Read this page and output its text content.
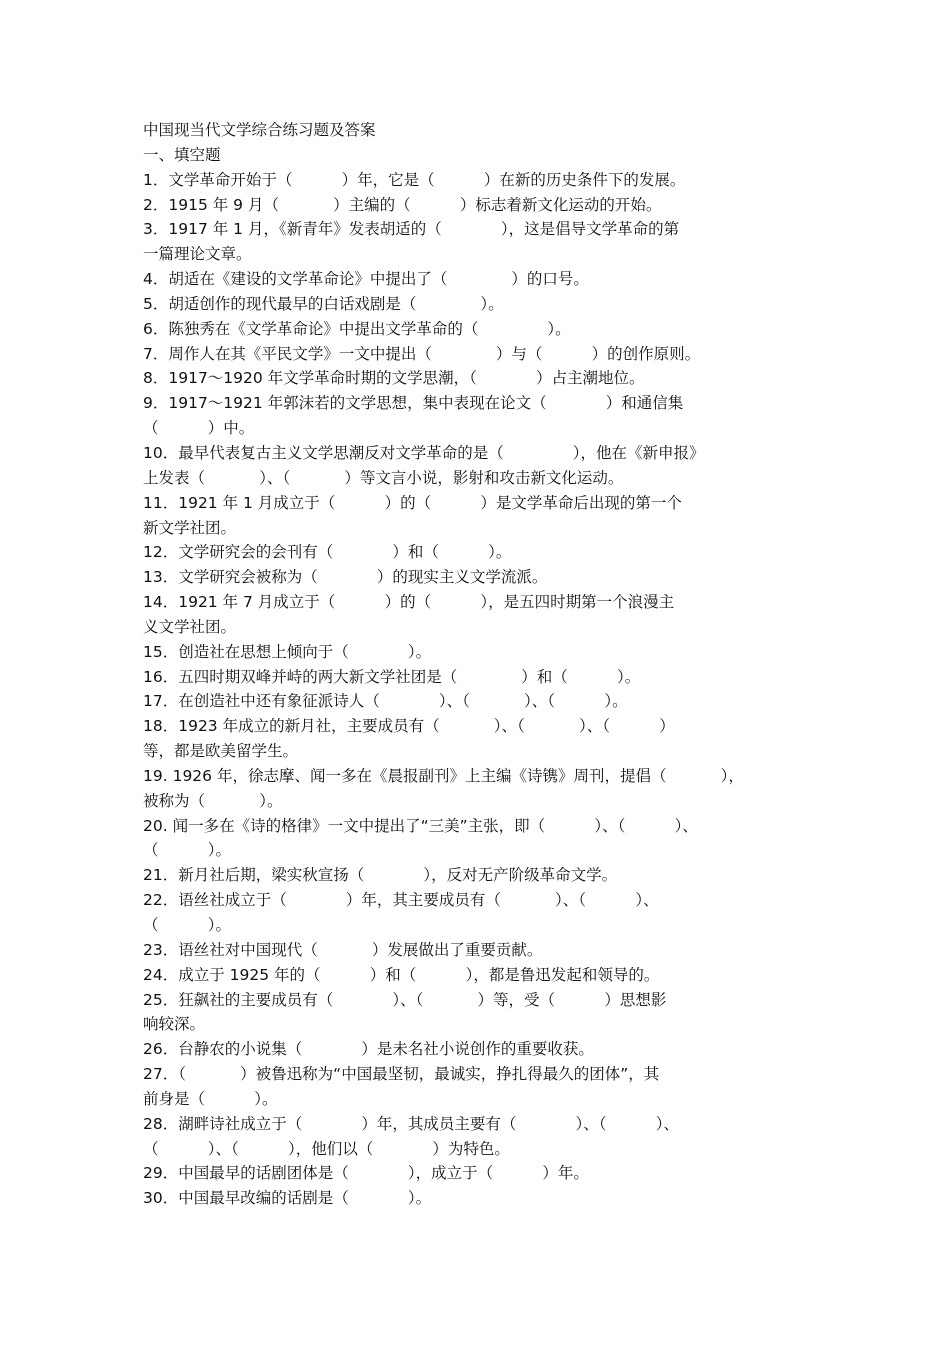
中国现当代文学综合练习题及答案
一、填空题
1．文学革命开始于（          ）年，它是（          ）在新的历史条件下的发展。
2．1915 年 9 月（           ）主编的（          ）标志着新文化运动的开始。
3．1917 年 1 月，《新青年》发表胡适的（            ），这是倡导文学革命的第
一篇理论文章。
4．胡适在《建设的文学革命论》中提出了（             ）的口号。
5．胡适创作的现代最早的白话戏剧是（             ）。
6．陈独秀在《文学革命论》中提出文学革命的（              ）。
7．周作人在其《平民文学》一文中提出（             ）与（          ）的创作原则。
8．1917～1920 年文学革命时期的文学思潮，（            ）占主潮地位。
9．1917～1921 年郭沫若的文学思想，集中表现在论文（            ）和通信集
（          ）中。
10．最早代表复古主义文学思潮反对文学革命的是（              ），他在《新申报》
上发表（           ）、（           ）等文言小说，影射和攻击新文化运动。
11．1921 年 1 月成立于（          ）的（          ）是文学革命后出现的第一个
新文学社团。
12．文学研究会的会刊有（            ）和（          ）。
13．文学研究会被称为（            ）的现实主义文学流派。
14．1921 年 7 月成立于（          ）的（          ），是五四时期第一个浪漫主
义文学社团。
15．创造社在思想上倾向于（            ）。
16．五四时期双峰并峙的两大新文学社团是（             ）和（          ）。
17．在创造社中还有象征派诗人（            ）、（           ）、（          ）。
18．1923 年成立的新月社，主要成员有（           ）、（           ）、（          ）
等，都是欧美留学生。
19. 1926 年，徐志摩、闻一多在《晨报副刊》上主编《诗镌》周刊，提倡（           ），
被称为（           ）。
20. 闻一多在《诗的格律》一文中提出了“三美”主张，即（          ）、（          ）、
（          ）。
21．新月社后期，梁实秋宣扬（            ），反对无产阶级革命文学。
22．语丝社成立于（            ）年，其主要成员有（           ）、（          ）、
（          ）。
23．语丝社对中国现代（           ）发展做出了重要贡献。
24．成立于 1925 年的（          ）和（          ），都是鲁迅发起和领导的。
25．狂飙社的主要成员有（            ）、（           ）等，受（          ）思想影
响较深。
26．台静农的小说集（            ）是未名社小说创作的重要收获。
27．（           ）被鲁迅称为“中国最坚韧，最诚实，挣扎得最久的团体”，其
前身是（          ）。
28．湖畔诗社成立于（            ）年，其成员主要有（            ）、（          ）、
（          ）、（          ），他们以（            ）为特色。
29．中国最早的话剧团体是（            ），成立于（          ）年。
30．中国最早改编的话剧是（            ）。
